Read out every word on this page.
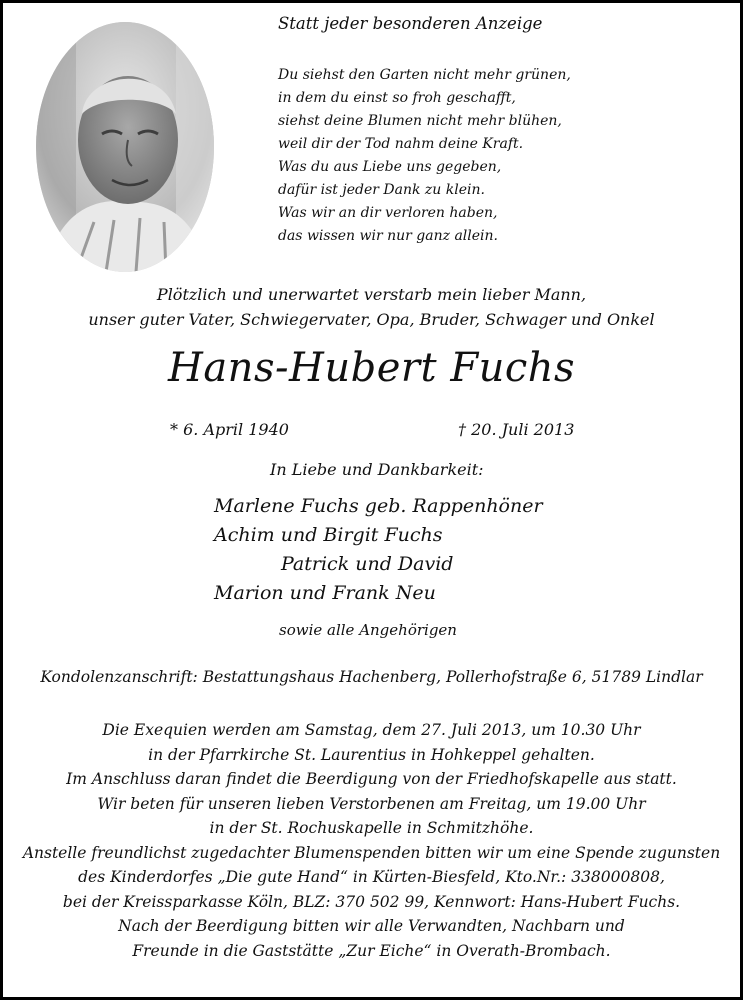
Statt jeder besonderen Anzeige
Du siehst den Garten nicht mehr grünen,
in dem du einst so froh geschafft,
siehst deine Blumen nicht mehr blühen,
weil dir der Tod nahm deine Kraft.
Was du aus Liebe uns gegeben,
dafür ist jeder Dank zu klein.
Was wir an dir verloren haben,
das wissen wir nur ganz allein.
Plötzlich und unerwartet verstarb mein lieber Mann,
unser guter Vater, Schwiegervater, Opa, Bruder, Schwager und Onkel
Hans-Hubert Fuchs
* 6. April 1940	† 20. Juli 2013
In Liebe und Dankbarkeit:
Marlene Fuchs geb. Rappenhöner
Achim und Birgit Fuchs
Patrick und David
Marion und Frank Neu
sowie alle Angehörigen
Kondolenzanschrift: Bestattungshaus Hachenberg, Pollerhofstraße 6, 51789 Lindlar
Die Exequien werden am Samstag, dem 27. Juli 2013, um 10.30 Uhr
in der Pfarrkirche St. Laurentius in Hohkeppel gehalten.
Im Anschluss daran findet die Beerdigung von der Friedhofskapelle aus statt.
Wir beten für unseren lieben Verstorbenen am Freitag, um 19.00 Uhr
in der St. Rochuskapelle in Schmitzhöhe.
Anstelle freundlichst zugedachter Blumenspenden bitten wir um eine Spende zugunsten
des Kinderdorfes „Die gute Hand“ in Kürten-Biesfeld, Kto.Nr.: 338000808,
bei der Kreissparkasse Köln, BLZ: 370 502 99, Kennwort: Hans-Hubert Fuchs.
Nach der Beerdigung bitten wir alle Verwandten, Nachbarn und
Freunde in die Gaststätte „Zur Eiche“ in Overath-Brombach.
